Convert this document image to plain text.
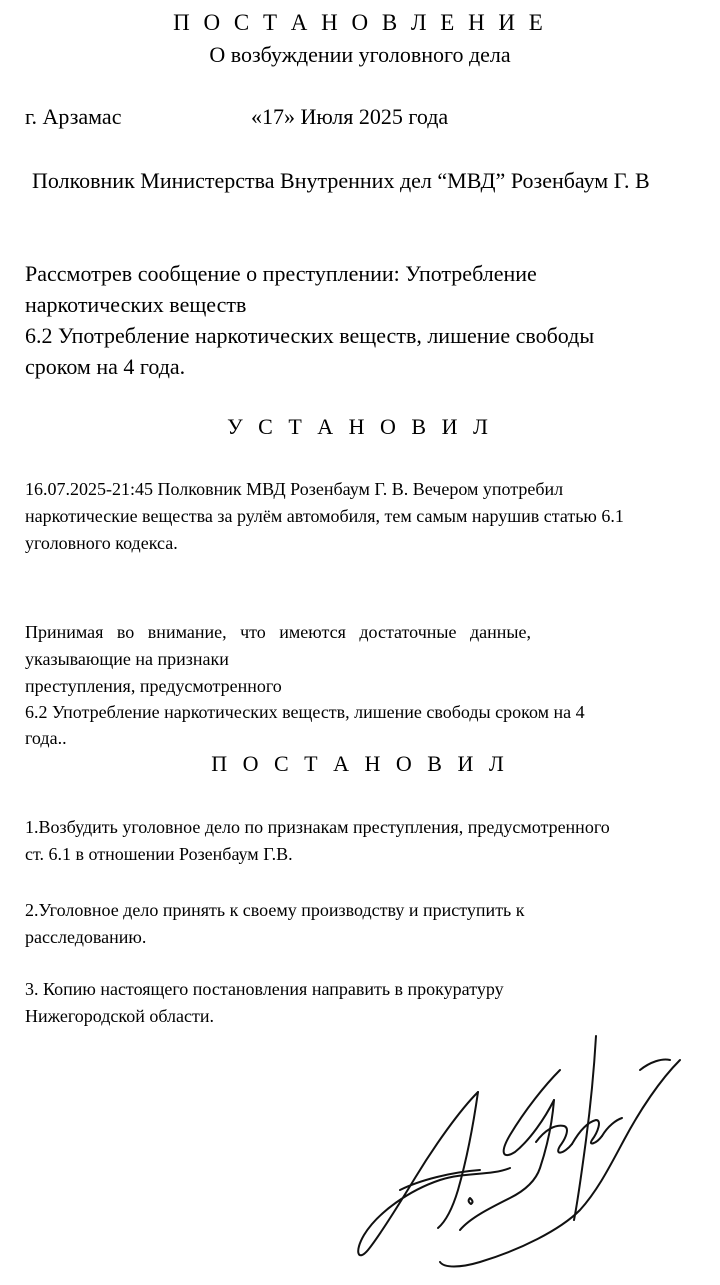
П О С Т А Н О В Л Е Н И Е
О возбуждении уголовного дела
г. Арзамас	«17» Июля 2025 года
Полковник Министерства Внутренних дел “МВД” Розенбаум Г. В
Рассмотрев сообщение о преступлении: Употребление
наркотических веществ
6.2 Употребление наркотических веществ, лишение свободы
сроком на 4 года.
У С Т А Н О В И Л
16.07.2025-21:45 Полковник МВД Розенбаум Г. В. Вечером употребил
наркотические вещества за рулём автомобиля, тем самым нарушив статью 6.1
уголовного кодекса.
Принимая во внимание, что имеются достаточные данные,
указывающие на признаки
преступления, предусмотренного
6.2 Употребление наркотических веществ, лишение свободы сроком на 4
года..
П О С Т А Н О В И Л
1.Возбудить уголовное дело по признакам преступления, предусмотренного
ст. 6.1 в отношении Розенбаум Г.В.
2.Уголовное дело принять к своему производству и приступить к
расследованию.
3. Копию настоящего постановления направить в прокуратуру
Нижегородской области.
